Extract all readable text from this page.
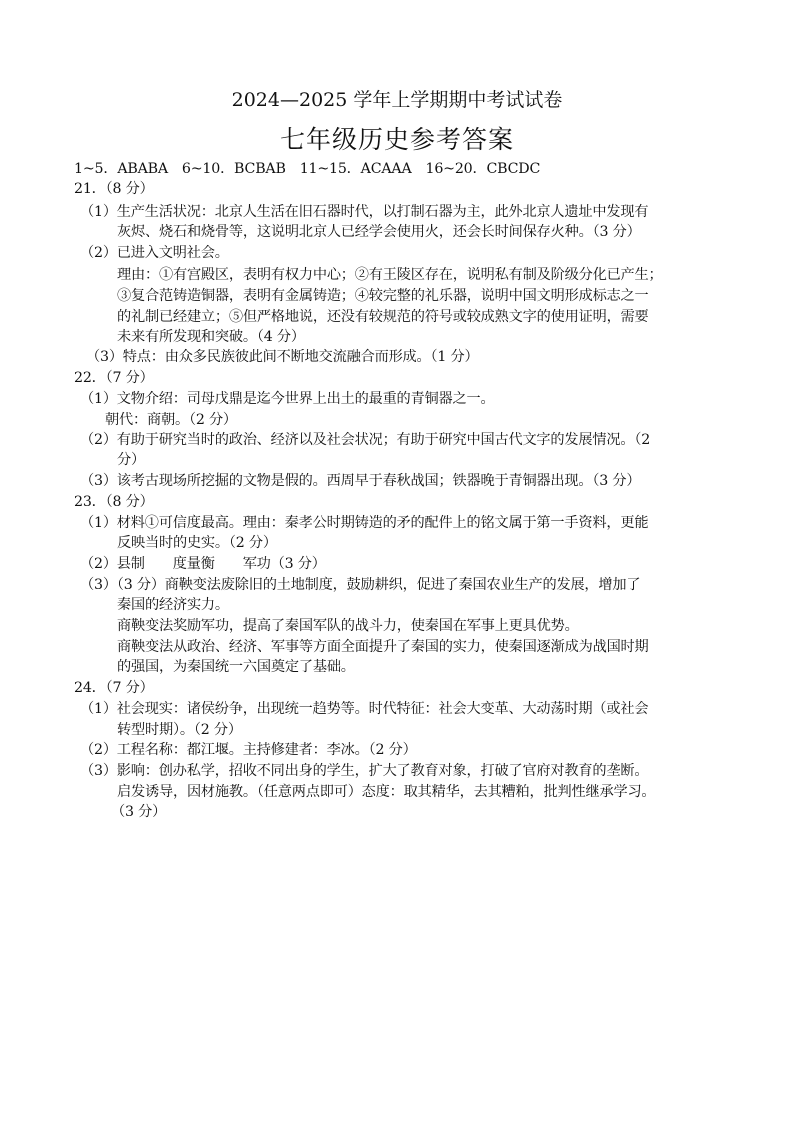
2024—2025 学年上学期期中考试试卷
七年级历史参考答案
1~5．ABABA　6~10．BCBAB　11~15．ACAAA　16~20．CBCDC
21．（8 分）
（1）生产生活状况：北京人生活在旧石器时代，以打制石器为主，此外北京人遗址中发现有
灰烬、烧石和烧骨等，这说明北京人已经学会使用火，还会长时间保存火种。（3 分）
（2）已进入文明社会。
理由：①有宫殿区，表明有权力中心；②有王陵区存在，说明私有制及阶级分化已产生；
③复合范铸造铜器，表明有金属铸造；④较完整的礼乐器，说明中国文明形成标志之一
的礼制已经建立；⑤但严格地说，还没有较规范的符号或较成熟文字的使用证明，需要
未来有所发现和突破。（4 分）
（3）特点：由众多民族彼此间不断地交流融合而形成。（1 分）
22．（7 分）
（1）文物介绍：司母戊鼎是迄今世界上出土的最重的青铜器之一。
朝代：商朝。（2 分）
（2）有助于研究当时的政治、经济以及社会状况；有助于研究中国古代文字的发展情况。（2
分）
（3）该考古现场所挖掘的文物是假的。西周早于春秋战国；铁器晚于青铜器出现。（3 分）
23．（8 分）
（1）材料①可信度最高。理由：秦孝公时期铸造的矛的配件上的铭文属于第一手资料，更能
反映当时的史实。（2 分）
（2）县制　　度量衡　　军功（3 分）
（3）（3 分）商鞅变法废除旧的土地制度，鼓励耕织，促进了秦国农业生产的发展，增加了
秦国的经济实力。
商鞅变法奖励军功，提高了秦国军队的战斗力，使秦国在军事上更具优势。
商鞅变法从政治、经济、军事等方面全面提升了秦国的实力，使秦国逐渐成为战国时期
的强国，为秦国统一六国奠定了基础。
24．（7 分）
（1）社会现实：诸侯纷争，出现统一趋势等。时代特征：社会大变革、大动荡时期（或社会
转型时期）。（2 分）
（2）工程名称：都江堰。主持修建者：李冰。（2 分）
（3）影响：创办私学，招收不同出身的学生，扩大了教育对象，打破了官府对教育的垄断。
启发诱导，因材施教。（任意两点即可）态度：取其精华，去其糟粕，批判性继承学习。
（3 分）
